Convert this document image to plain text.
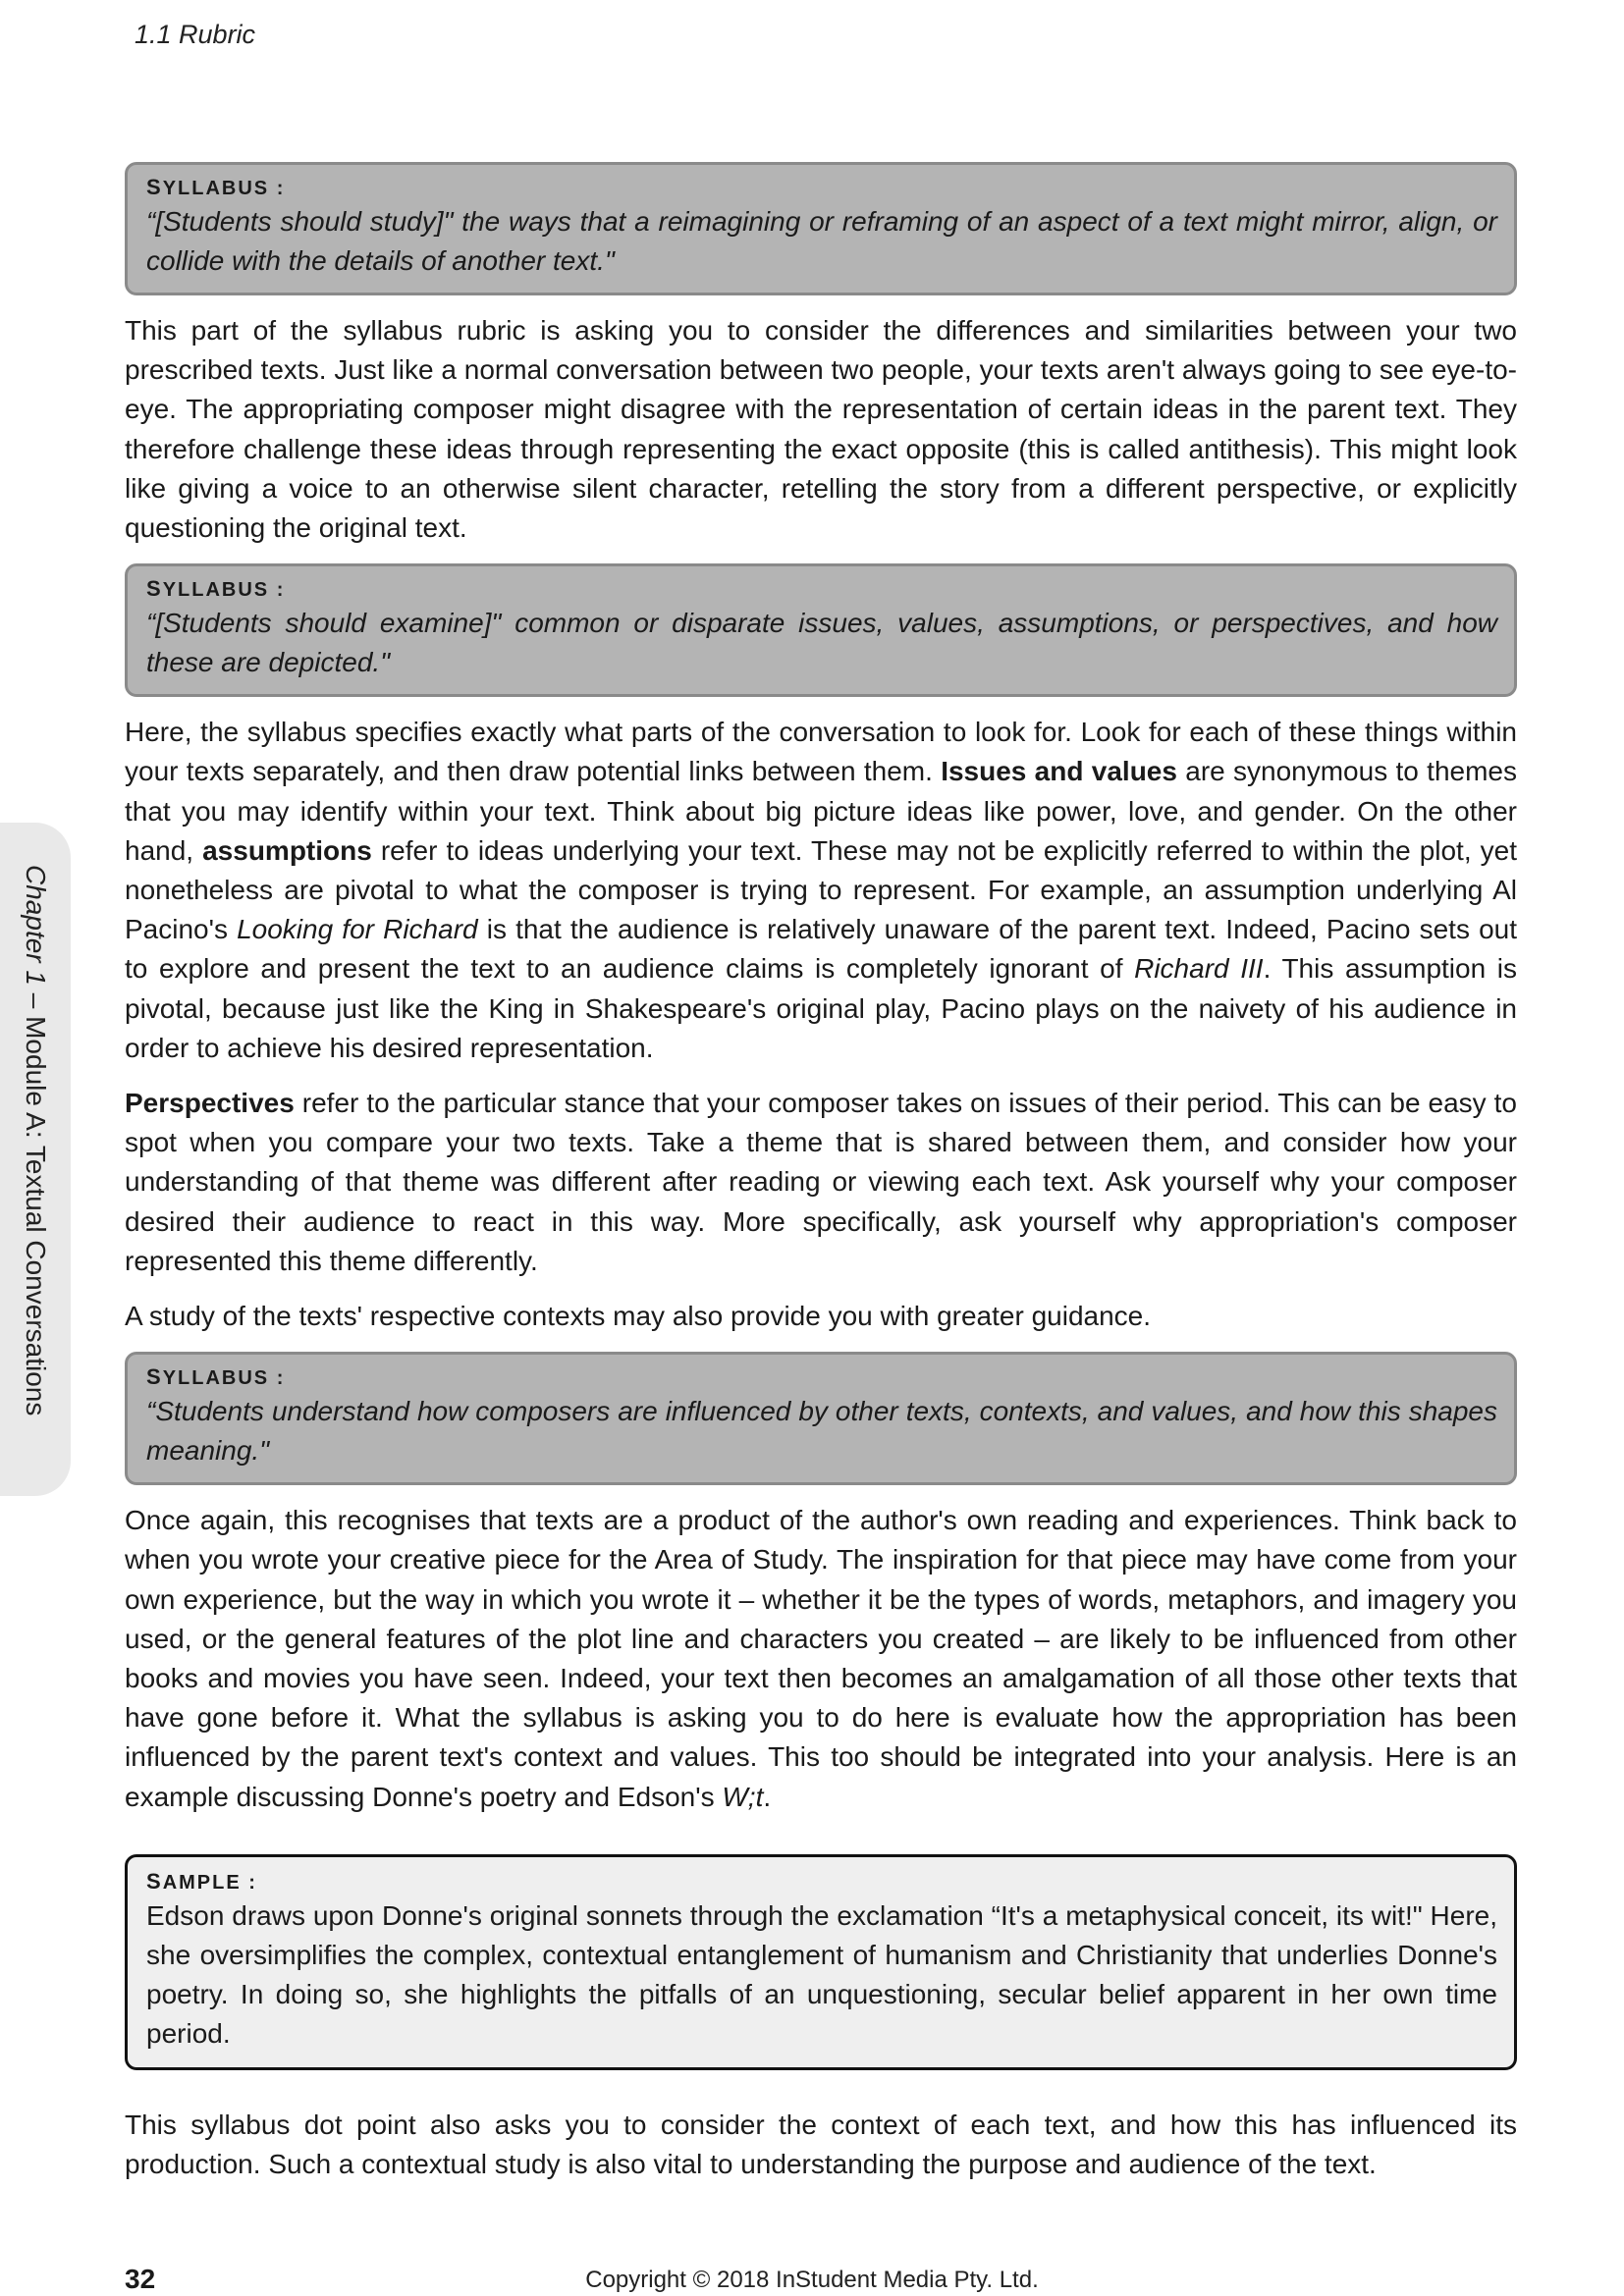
1.1 Rubric
Chapter 1 – Module A: Textual Conversations
SYLLABUS :
“[Students should study]" the ways that a reimagining or reframing of an aspect of a text might mirror, align, or collide with the details of another text."

This part of the syllabus rubric is asking you to consider the differences and similarities between your two prescribed texts. Just like a normal conversation between two people, your texts aren't always going to see eye-to-eye. The appropriating composer might disagree with the representation of certain ideas in the parent text. They therefore challenge these ideas through representing the exact opposite (this is called antithesis). This might look like giving a voice to an otherwise silent character, retelling the story from a different perspective, or explicitly questioning the original text.

SYLLABUS :
“[Students should examine]" common or disparate issues, values, assumptions, or perspectives, and how these are depicted."

Here, the syllabus specifies exactly what parts of the conversation to look for. Look for each of these things within your texts separately, and then draw potential links between them. Issues and values are synonymous to themes that you may identify within your text. Think about big picture ideas like power, love, and gender. On the other hand, assumptions refer to ideas underlying your text. These may not be explicitly referred to within the plot, yet nonetheless are pivotal to what the composer is trying to represent. For example, an assumption underlying Al Pacino's Looking for Richard is that the audience is relatively unaware of the parent text. Indeed, Pacino sets out to explore and present the text to an audience claims is completely ignorant of Richard III. This assumption is pivotal, because just like the King in Shakespeare's original play, Pacino plays on the naivety of his audience in order to achieve his desired representation.

Perspectives refer to the particular stance that your composer takes on issues of their period. This can be easy to spot when you compare your two texts. Take a theme that is shared between them, and consider how your understanding of that theme was different after reading or viewing each text. Ask yourself why your composer desired their audience to react in this way. More specifically, ask yourself why appropriation's composer represented this theme differently.

A study of the texts' respective contexts may also provide you with greater guidance.

SYLLABUS :
“Students understand how composers are influenced by other texts, contexts, and values, and how this shapes meaning."

Once again, this recognises that texts are a product of the author's own reading and experiences. Think back to when you wrote your creative piece for the Area of Study. The inspiration for that piece may have come from your own experience, but the way in which you wrote it – whether it be the types of words, metaphors, and imagery you used, or the general features of the plot line and characters you created – are likely to be influenced from other books and movies you have seen. Indeed, your text then becomes an amalgamation of all those other texts that have gone before it. What the syllabus is asking you to do here is evaluate how the appropriation has been influenced by the parent text's context and values. This too should be integrated into your analysis. Here is an example discussing Donne's poetry and Edson's W;t.

SAMPLE :
Edson draws upon Donne's original sonnets through the exclamation “It's a metaphysical conceit, its wit!" Here, she oversimplifies the complex, contextual entanglement of humanism and Christianity that underlies Donne's poetry. In doing so, she highlights the pitfalls of an unquestioning, secular belief apparent in her own time period.

This syllabus dot point also asks you to consider the context of each text, and how this has influenced its production. Such a contextual study is also vital to understanding the purpose and audience of the text.

32	Copyright © 2018 InStudent Media Pty. Ltd.
